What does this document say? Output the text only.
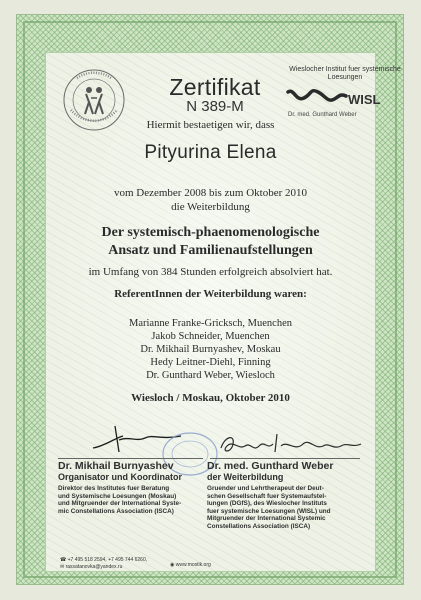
Zertifikat
N 389-M
Wieslocher Institut fuer systemische Loesungen
WISL
Dr. med. Gunthard Weber
Hiermit bestaetigen wir, dass
Pityurina Elena
vom Dezember 2008 bis zum Oktober 2010
die Weiterbildung
Der systemisch-phaenomenologische
Ansatz und Familienaufstellungen
im Umfang von 384 Stunden erfolgreich absolviert hat.
ReferentInnen der Weiterbildung waren:
Marianne Franke-Gricksch, Muenchen
Jakob Schneider, Muenchen
Dr. Mikhail Burnyashev, Moskau
Hedy Leitner-Diehl, Finning
Dr. Gunthard Weber, Wiesloch
Wiesloch / Moskau, Oktober 2010
Dr. Mikhail Burnyashev
Organisator und Koordinator
Direktor des Institutes fuer Beratung
und Systemische Loesungen (Moskau)
und Mitgruender der International Syste-
mic Constellations Association (ISCA)
Dr. med. Gunthard Weber
der Weiterbildung
Gruender und Lehrtherapeut der Deut-
schen Gesellschaft fuer Systemaufstel-
lungen (DGfS), des Wieslocher Instituts
fuer systemische Loesungen (WISL) und
Mitgruender der International Systemic
Constellations Association (ISCA)
☎ +7 495 518 2594, +7 495 744 6260,
✉ rassatanovka@yandex.ru	◉ www.mostik.org
